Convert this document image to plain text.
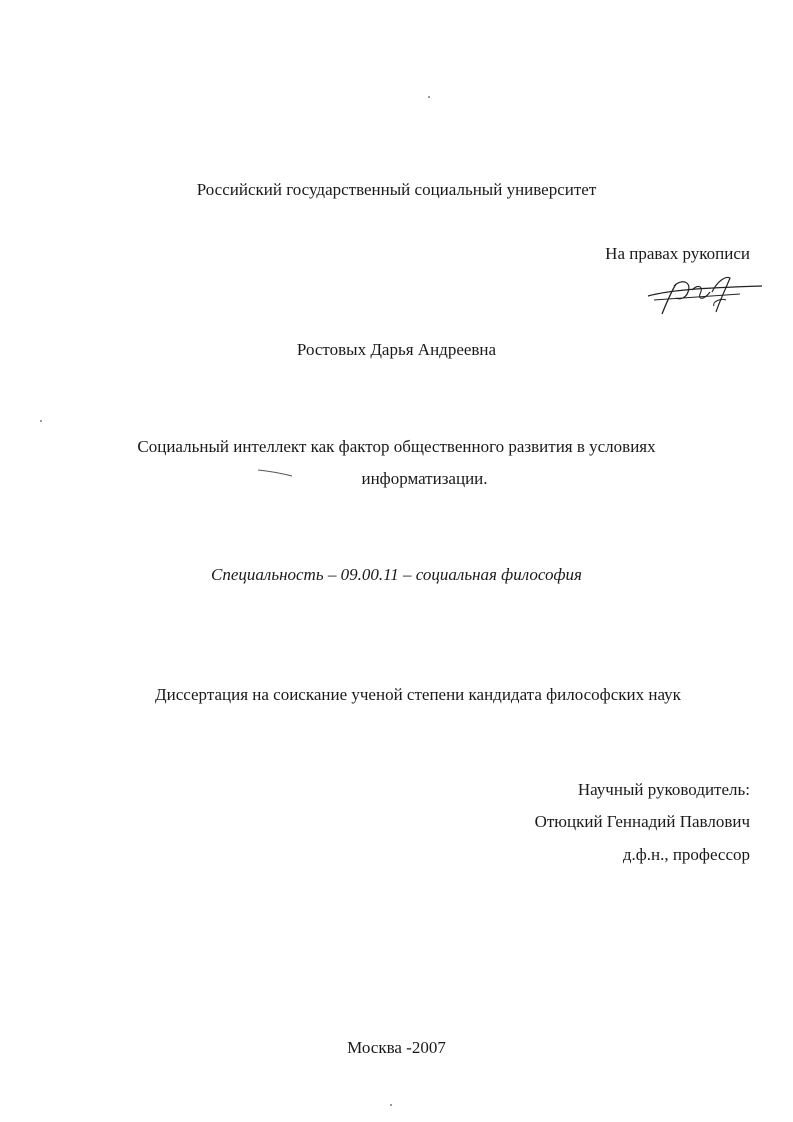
Российский государственный социальный университет
На правах рукописи
Ростовых Дарья Андреевна
Социальный интеллект как фактор общественного развития в условиях
информатизации.
Специальность – 09.00.11 – социальная философия
Диссертация на соискание ученой степени кандидата философских наук
Научный руководитель:
Отюцкий Геннадий Павлович
д.ф.н., профессор
Москва -2007
